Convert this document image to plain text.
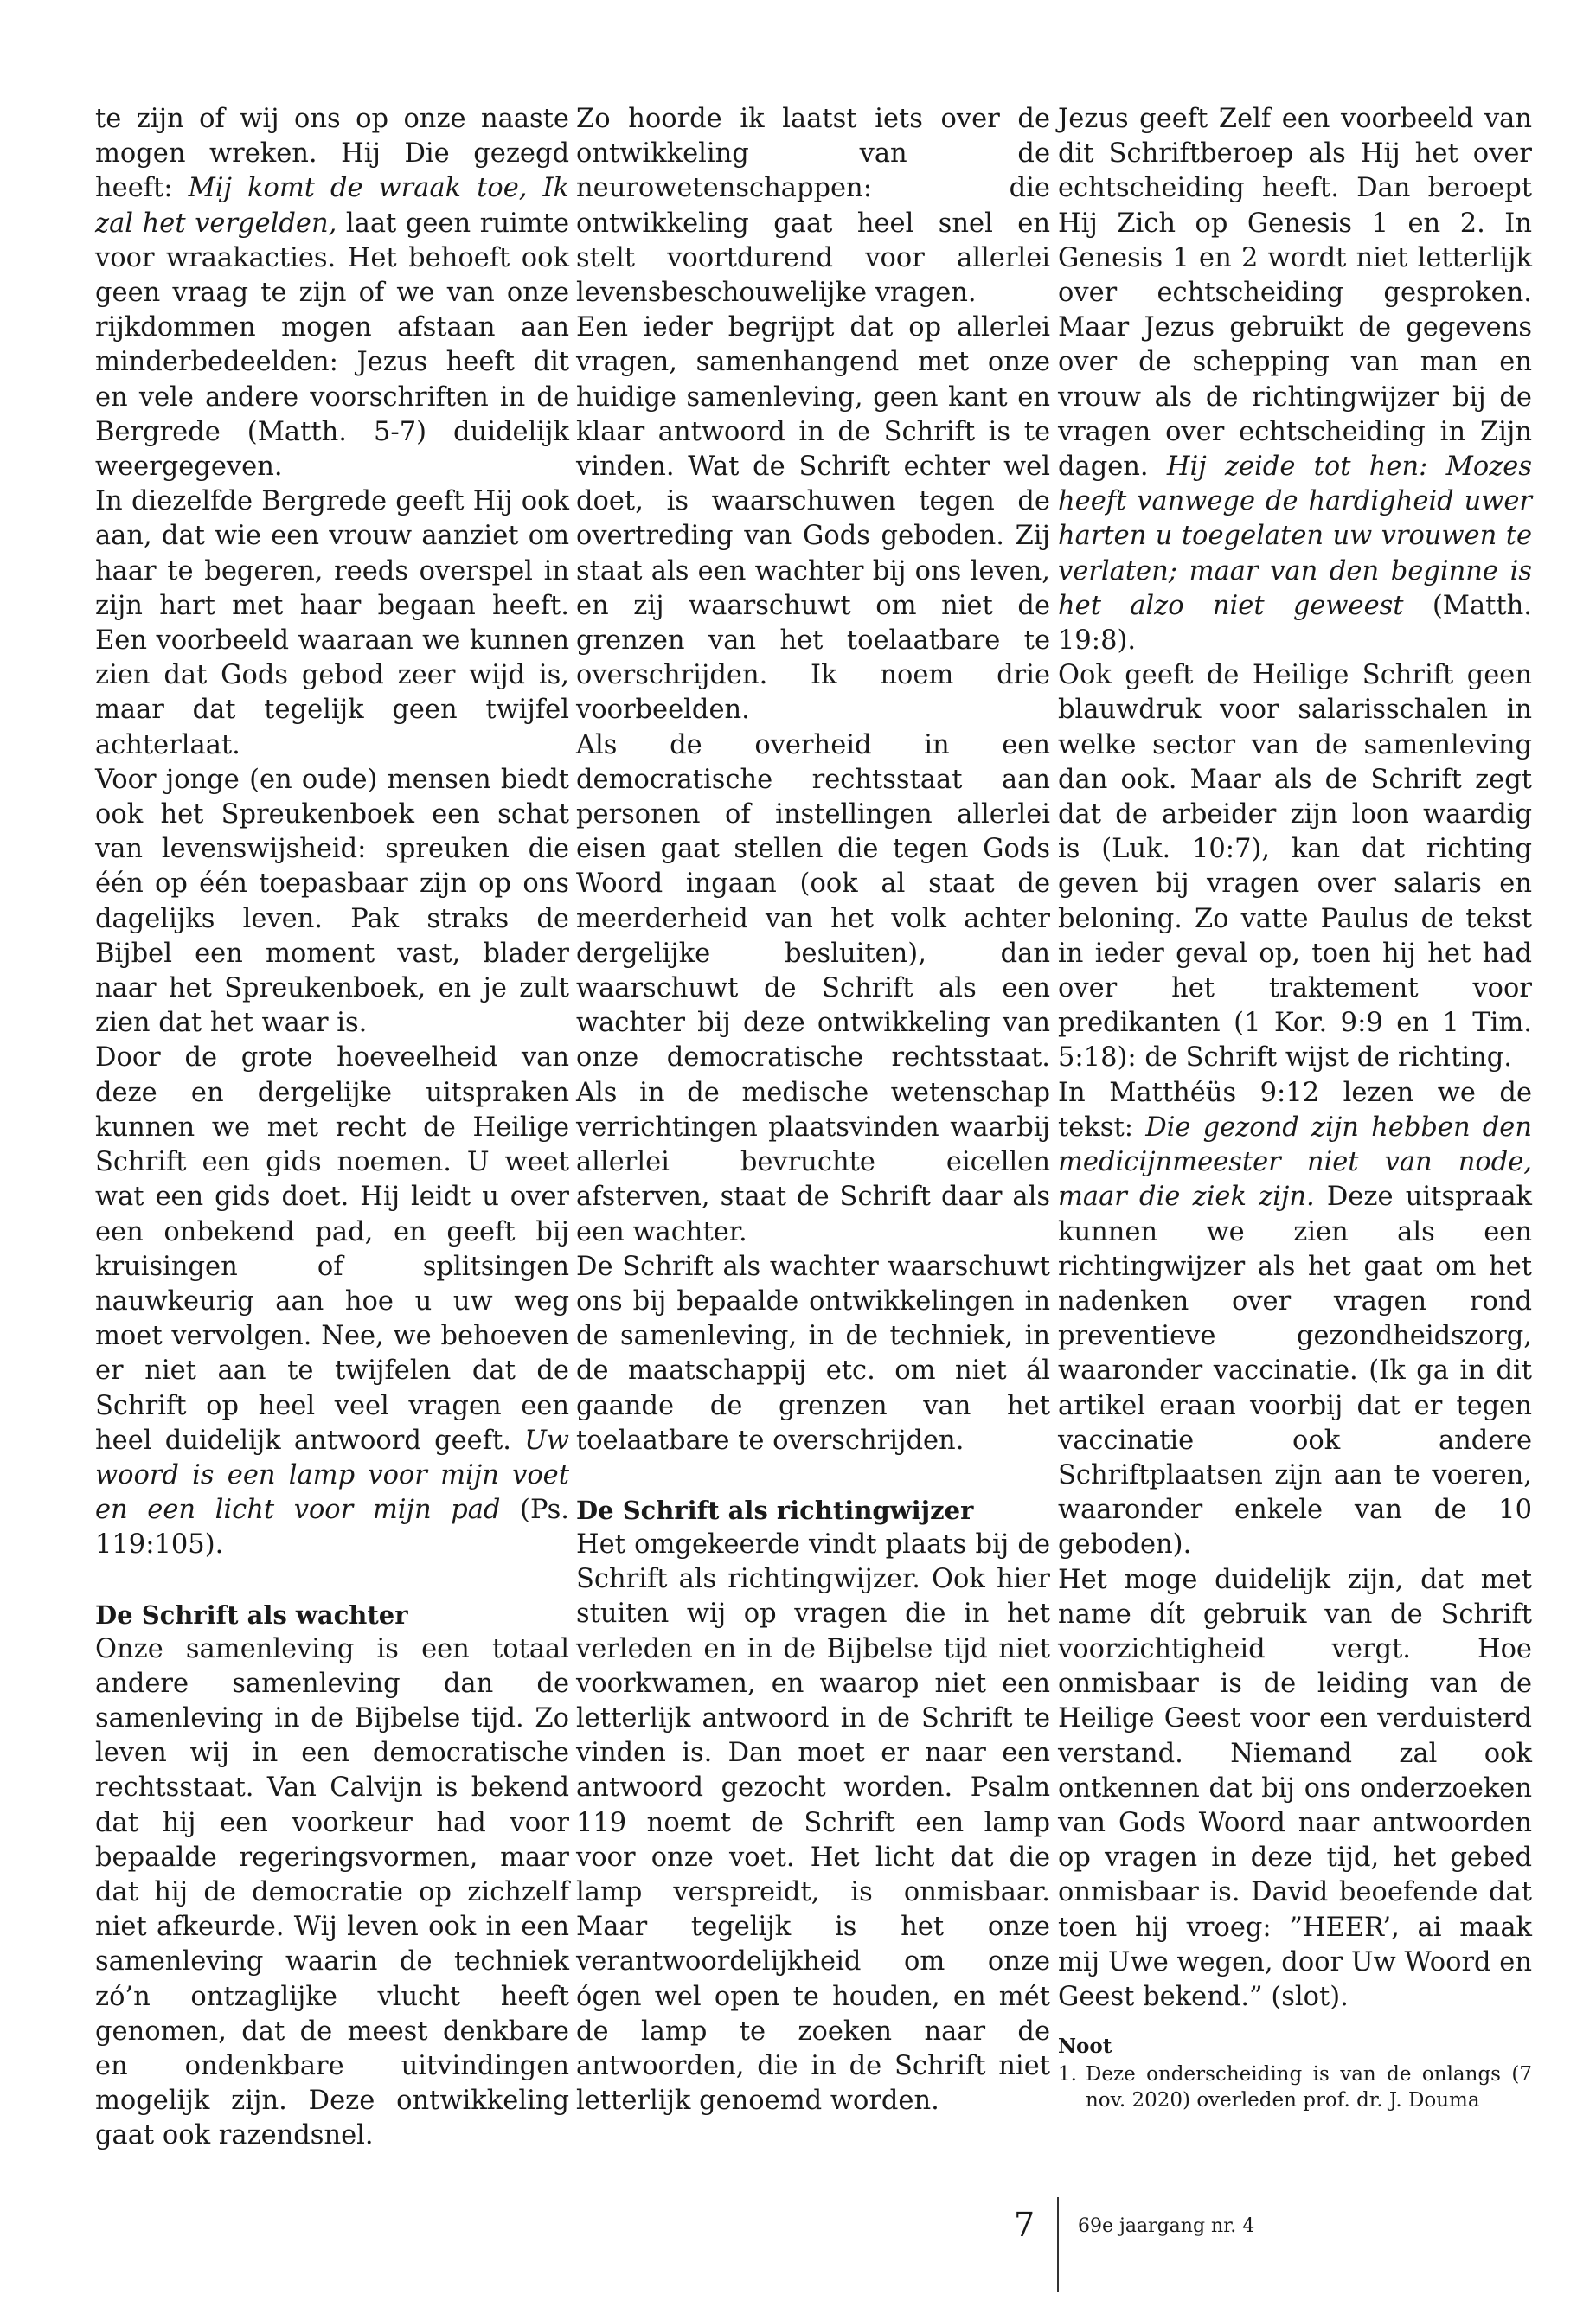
te zijn of wij ons op onze naaste mogen wreken. Hij Die gezegd heeft: Mij komt de wraak toe, Ik zal het vergelden, laat geen ruimte voor wraakacties. Het behoeft ook geen vraag te zijn of we van onze rijkdommen mogen afstaan aan minderbedeelden: Jezus heeft dit en vele andere voorschriften in de Bergrede (Matth. 5-7) duidelijk weergegeven.

In diezelfde Bergrede geeft Hij ook aan, dat wie een vrouw aanziet om haar te begeren, reeds overspel in zijn hart met haar begaan heeft. Een voorbeeld waaraan we kunnen zien dat Gods gebod zeer wijd is, maar dat tegelijk geen twijfel achterlaat.

Voor jonge (en oude) mensen biedt ook het Spreukenboek een schat van levenswijsheid: spreuken die één op één toepasbaar zijn op ons dagelijks leven. Pak straks de Bijbel een moment vast, blader naar het Spreukenboek, en je zult zien dat het waar is.

Door de grote hoeveelheid van deze en dergelijke uitspraken kunnen we met recht de Heilige Schrift een gids noemen. U weet wat een gids doet. Hij leidt u over een onbekend pad, en geeft bij kruisingen of splitsingen nauwkeurig aan hoe u uw weg moet vervolgen. Nee, we behoeven er niet aan te twijfelen dat de Schrift op heel veel vragen een heel duidelijk antwoord geeft. Uw woord is een lamp voor mijn voet en een licht voor mijn pad (Ps. 119:105).

De Schrift als wachter

Onze samenleving is een totaal andere samenleving dan de samenleving in de Bijbelse tijd. Zo leven wij in een democratische rechtsstaat. Van Calvijn is bekend dat hij een voorkeur had voor bepaalde regeringsvormen, maar dat hij de democratie op zichzelf niet afkeurde. Wij leven ook in een samenleving waarin de techniek zó’n ontzaglijke vlucht heeft genomen, dat de meest denkbare en ondenkbare uitvindingen mogelijk zijn. Deze ontwikkeling gaat ook razendsnel.

Zo hoorde ik laatst iets over de ontwikkeling van de neurowetenschappen: die ontwikkeling gaat heel snel en stelt voortdurend voor allerlei levensbeschouwelijke vragen.

Een ieder begrijpt dat op allerlei vragen, samenhangend met onze huidige samenleving, geen kant en klaar antwoord in de Schrift is te vinden. Wat de Schrift echter wel doet, is waarschuwen tegen de overtreding van Gods geboden. Zij staat als een wachter bij ons leven, en zij waarschuwt om niet de grenzen van het toelaatbare te overschrijden. Ik noem drie voorbeelden.

Als de overheid in een democratische rechtsstaat aan personen of instellingen allerlei eisen gaat stellen die tegen Gods Woord ingaan (ook al staat de meerderheid van het volk achter dergelijke besluiten), dan waarschuwt de Schrift als een wachter bij deze ontwikkeling van onze democratische rechtsstaat. Als in de medische wetenschap verrichtingen plaatsvinden waarbij allerlei bevruchte eicellen afsterven, staat de Schrift daar als een wachter.

De Schrift als wachter waarschuwt ons bij bepaalde ontwikkelingen in de samenleving, in de techniek, in de maatschappij etc. om niet ál gaande de grenzen van het toelaatbare te overschrijden.

De Schrift als richtingwijzer

Het omgekeerde vindt plaats bij de Schrift als richtingwijzer. Ook hier stuiten wij op vragen die in het verleden en in de Bijbelse tijd niet voorkwamen, en waarop niet een letterlijk antwoord in de Schrift te vinden is. Dan moet er naar een antwoord gezocht worden. Psalm 119 noemt de Schrift een lamp voor onze voet. Het licht dat die lamp verspreidt, is onmisbaar. Maar tegelijk is het onze verantwoordelijkheid om onze ógen wel open te houden, en mét de lamp te zoeken naar de antwoorden, die in de Schrift niet letterlijk genoemd worden.

Jezus geeft Zelf een voorbeeld van dit Schriftberoep als Hij het over echtscheiding heeft. Dan beroept Hij Zich op Genesis 1 en 2. In Genesis 1 en 2 wordt niet letterlijk over echtscheiding gesproken. Maar Jezus gebruikt de gegevens over de schepping van man en vrouw als de richtingwijzer bij de vragen over echtscheiding in Zijn dagen. Hij zeide tot hen: Mozes heeft vanwege de hardigheid uwer harten u toegelaten uw vrouwen te verlaten; maar van den beginne is het alzo niet geweest (Matth. 19:8).

Ook geeft de Heilige Schrift geen blauwdruk voor salarisschalen in welke sector van de samenleving dan ook. Maar als de Schrift zegt dat de arbeider zijn loon waardig is (Luk. 10:7), kan dat richting geven bij vragen over salaris en beloning. Zo vatte Paulus de tekst in ieder geval op, toen hij het had over het traktement voor predikanten (1 Kor. 9:9 en 1 Tim. 5:18): de Schrift wijst de richting.

In Matthéüs 9:12 lezen we de tekst: Die gezond zijn hebben den medicijnmeester niet van node, maar die ziek zijn. Deze uitspraak kunnen we zien als een richtingwijzer als het gaat om het nadenken over vragen rond preventieve gezondheidszorg, waaronder vaccinatie. (Ik ga in dit artikel eraan voorbij dat er tegen vaccinatie ook andere Schriftplaatsen zijn aan te voeren, waaronder enkele van de 10 geboden).

Het moge duidelijk zijn, dat met name dít gebruik van de Schrift voorzichtigheid vergt. Hoe onmisbaar is de leiding van de Heilige Geest voor een verduisterd verstand. Niemand zal ook ontkennen dat bij ons onderzoeken van Gods Woord naar antwoorden op vragen in deze tijd, het gebed onmisbaar is. David beoefende dat toen hij vroeg: ”HEER’, ai maak mij Uwe wegen, door Uw Woord en Geest bekend.” (slot).

Noot
1. Deze onderscheiding is van de onlangs (7 nov. 2020) overleden prof. dr. J. Douma
7 69e jaargang nr. 4
